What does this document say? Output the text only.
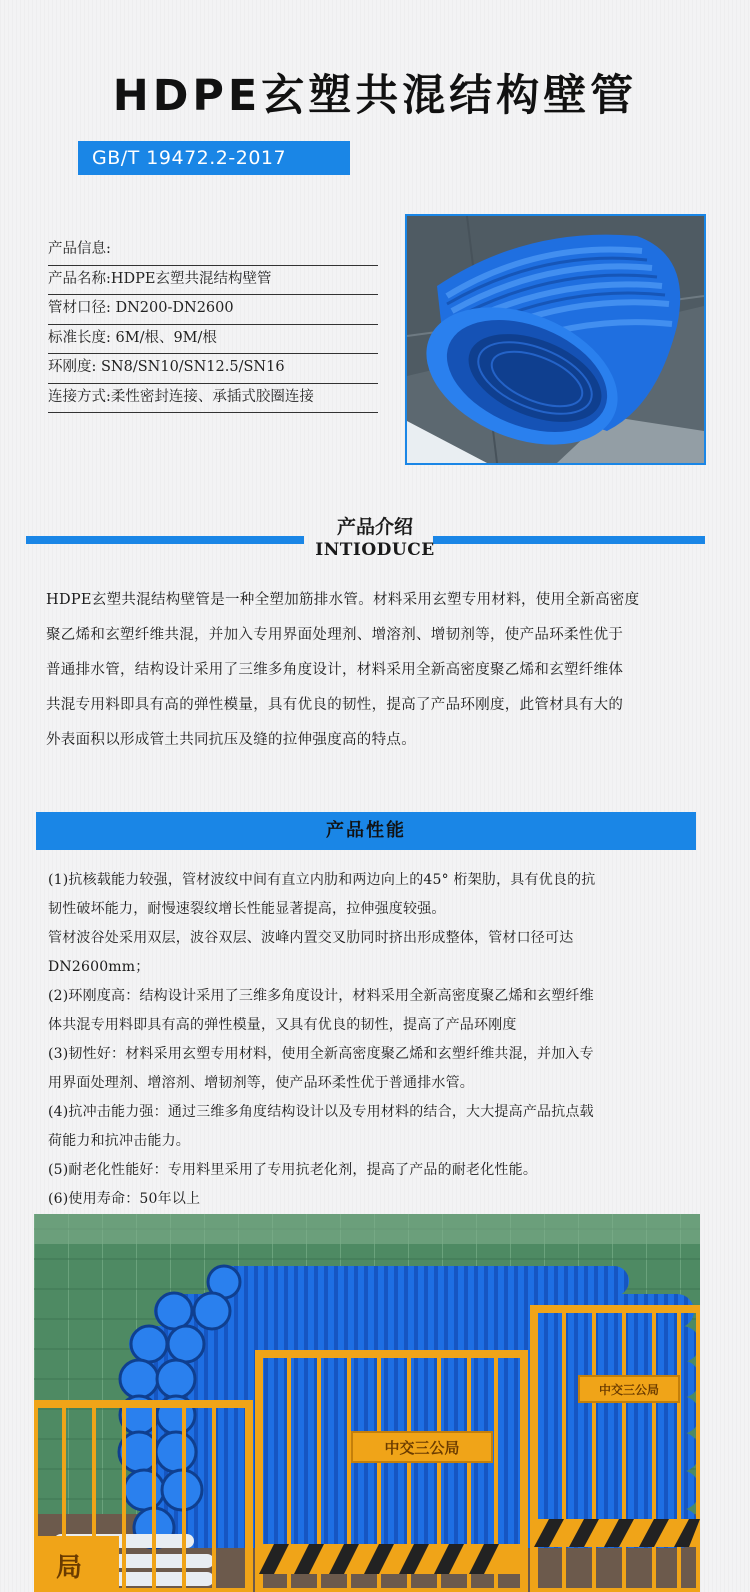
HDPE玄塑共混结构壁管
GB/T 19472.2-2017
产品信息:
产品名称:HDPE玄塑共混结构壁管
管材口径: DN200-DN2600
标准长度: 6M/根、9M/根
环刚度: SN8/SN10/SN12.5/SN16
连接方式:柔性密封连接、承插式胶圈连接
产品介绍
INTIODUCE
HDPE玄塑共混结构壁管是一种全塑加筋排水管。材料采用玄塑专用材料，使用全新高密度
聚乙烯和玄塑纤维共混，并加入专用界面处理剂、增溶剂、增韧剂等，使产品环柔性优于
普通排水管，结构设计采用了三维多角度设计，材料采用全新高密度聚乙烯和玄塑纤维体
共混专用料即具有高的弹性模量，具有优良的韧性，提高了产品环刚度，此管材具有大的
外表面积以形成管土共同抗压及缝的拉伸强度高的特点。
产品性能
(1)抗核载能力较强，管材波纹中间有直立内肋和两边向上的45° 桁架肋，具有优良的抗
韧性破坏能力，耐慢速裂纹增长性能显著提高，拉伸强度较强。
管材波谷处采用双层，波谷双层、波峰内置交叉肋同时挤出形成整体，管材口径可达
DN2600mm；
(2)环刚度高：结构设计采用了三维多角度设计，材料采用全新高密度聚乙烯和玄塑纤维
体共混专用料即具有高的弹性模量，又具有优良的韧性，提高了产品环刚度
(3)韧性好：材料采用玄塑专用材料，使用全新高密度聚乙烯和玄塑纤维共混，并加入专
用界面处理剂、增溶剂、增韧剂等，使产品环柔性优于普通排水管。
(4)抗冲击能力强：通过三维多角度结构设计以及专用材料的结合，大大提高产品抗点载
荷能力和抗冲击能力。
(5)耐老化性能好：专用料里采用了专用抗老化剂，提高了产品的耐老化性能。
(6)使用寿命：50年以上
中交三公局
中交三公局
局
